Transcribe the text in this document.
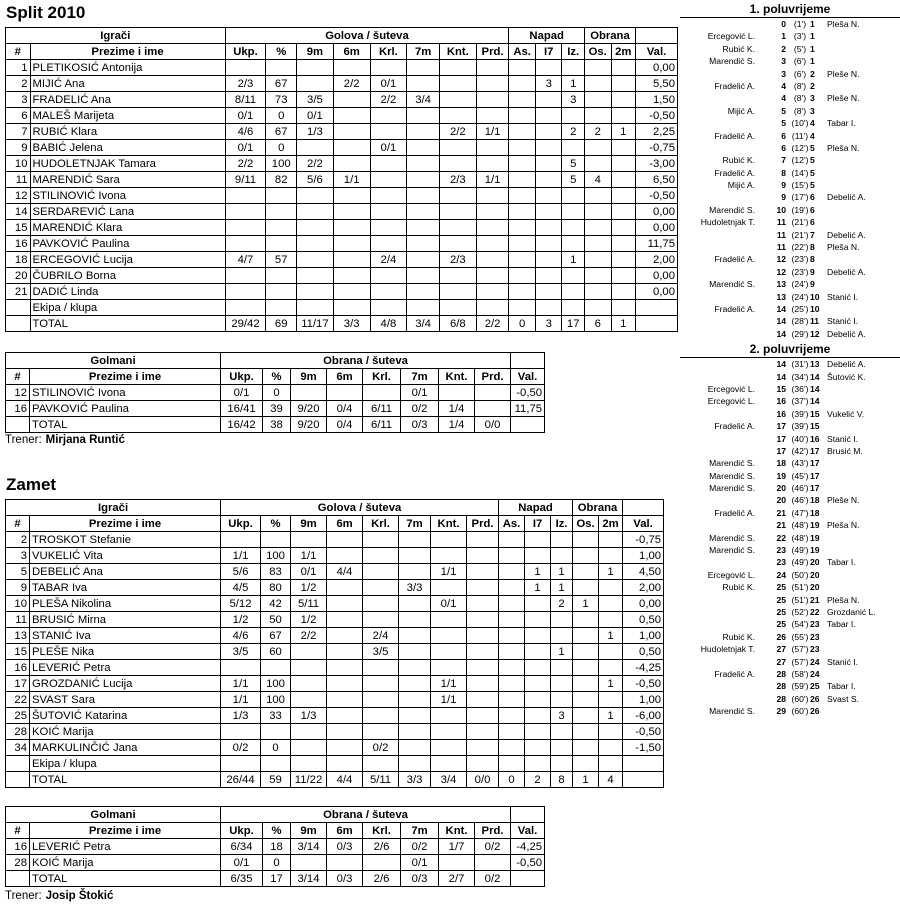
Split 2010
Igrači		Golova / šuteva								Napad			Obrana		
#	Prezime i ime	Ukp.	%	9m	6m	Krl.	7m	Knt.	Prd.	As.	I7	Iz.	Os.	2m	Val.
1	PLETIKOSIĆ Antonija														0,00
2	MIJIĆ Ana	2/3	67		2/2	0/1					3	1			5,50
3	FRADELIĆ Ana	8/11	73	3/5		2/2	3/4					3			1,50
6	MALEŠ Marijeta	0/1	0	0/1											-0,50
7	RUBIĆ Klara	4/6	67	1/3				2/2	1/1			2	2	1	2,25
9	BABIĆ Jelena	0/1	0			0/1									-0,75
10	HUDOLETNJAK Tamara	2/2	100	2/2								5			-3,00
11	MARENDIĆ Sara	9/11	82	5/6	1/1			2/3	1/1			5	4		6,50
12	STILINOVIĆ Ivona														-0,50
14	SERDAREVIĆ Lana														0,00
15	MARENDIĆ Klara														0,00
16	PAVKOVIĆ Paulina														11,75
18	ERCEGOVIĆ Lucija	4/7	57			2/4		2/3				1			2,00
20	ČUBRILO Borna														0,00
21	DADIĆ Linda														0,00
	Ekipa / klupa														
	TOTAL	29/42	69	11/17	3/3	4/8	3/4	6/8	2/2	0	3	17	6	1	
Golmani		Obrana / šuteva								
#	Prezime i ime	Ukp.	%	9m	6m	Krl.	7m	Knt.	Prd.	Val.
12	STILINOVIĆ Ivona	0/1	0				0/1			-0,50
16	PAVKOVIĆ Paulina	16/41	39	9/20	0/4	6/11	0/2	1/4		11,75
	TOTAL	16/42	38	9/20	0/4	6/11	0/3	1/4	0/0	
Trener: Mirjana Runtić
Zamet
Igrači		Golova / šuteva								Napad			Obrana		
#	Prezime i ime	Ukp.	%	9m	6m	Krl.	7m	Knt.	Prd.	As.	I7	Iz.	Os.	2m	Val.
2	TROSKOT Stefanie														-0,75
3	VUKELIĆ Vita	1/1	100	1/1											1,00
5	DEBELIĆ Ana	5/6	83	0/1	4/4			1/1			1	1		1	4,50
9	TABAR Iva	4/5	80	1/2			3/3				1	1			2,00
10	PLEŠA Nikolina	5/12	42	5/11				0/1				2	1		0,00
11	BRUSIĆ Mirna	1/2	50	1/2											0,50
13	STANIĆ Iva	4/6	67	2/2		2/4								1	1,00
15	PLEŠE Nika	3/5	60			3/5						1			0,50
16	LEVERIĆ Petra														-4,25
17	GROZDANIĆ Lucija	1/1	100					1/1						1	-0,50
22	SVAST Sara	1/1	100					1/1							1,00
25	ŠUTOVIĆ Katarina	1/3	33	1/3								3		1	-6,00
28	KOIĆ Marija														-0,50
34	MARKULINČIĆ Jana	0/2	0			0/2									-1,50
	Ekipa / klupa														
	TOTAL	26/44	59	11/22	4/4	5/11	3/3	3/4	0/0	0	2	8	1	4	
Golmani		Obrana / šuteva								
#	Prezime i ime	Ukp.	%	9m	6m	Krl.	7m	Knt.	Prd.	Val.
16	LEVERIĆ Petra	6/34	18	3/14	0/3	2/6	0/2	1/7	0/2	-4,25
28	KOIĆ Marija	0/1	0				0/1			-0,50
	TOTAL	6/35	17	3/14	0/3	2/6	0/3	2/7	0/2	
Trener: Josip Štokić
1. poluvrijeme
0 (1') 1	Pleša N.
Ercegović L.	1 (3') 1
Rubić K.	2 (5') 1
Marendić S.	3 (6') 1
3 (6') 2	Pleše N.
Fradelić A.	4 (8') 2
4 (8') 3	Pleše N.
Mijić A.	5 (8') 3
5 (10') 4	Tabar I.
Fradelić A.	6 (11') 4
6 (12') 5	Pleša N.
Rubić K.	7 (12') 5
Fradelić A.	8 (14') 5
Mijić A.	9 (15') 5
9 (17') 6	Debelić A.
Marendić S.	10 (19') 6
Hudoletnjak T.	11 (21') 6
11 (21') 7	Debelić A.
11 (22') 8	Pleša N.
Fradelić A.	12 (23') 8
12 (23') 9	Debelić A.
Marendić S.	13 (24') 9
13 (24') 10 Stanić I.
Fradelić A.	14 (25') 10
14 (28') 11 Stanić I.
14 (29') 12 Debelić A.
2. poluvrijeme
14 (31') 13 Debelić A.
14 (34') 14 Šutović K.
Ercegović L.	15 (36') 14
Ercegović L.	16 (37') 14
16 (39') 15 Vukelić V.
Fradelić A.	17 (39') 15
17 (40') 16 Stanić I.
17 (42') 17 Brusić M.
Marendić S.	18 (43') 17
Marendić S.	19 (45') 17
Marendić S.	20 (46') 17
20 (46') 18 Pleše N.
Fradelić A.	21 (47') 18
21 (48') 19 Pleša N.
Marendić S.	22 (48') 19
Marendić S.	23 (49') 19
23 (49') 20 Tabar I.
Ercegović L.	24 (50') 20
Rubić K.	25 (51') 20
25 (51') 21 Pleša N.
25 (52') 22 Grozdanić L.
25 (54') 23 Tabar I.
Rubić K.	26 (55') 23
Hudoletnjak T.	27 (57') 23
27 (57') 24 Stanić I.
Fradelić A.	28 (58') 24
28 (59') 25 Tabar I.
28 (60') 26 Svast S.
Marendić S.	29 (60') 26
